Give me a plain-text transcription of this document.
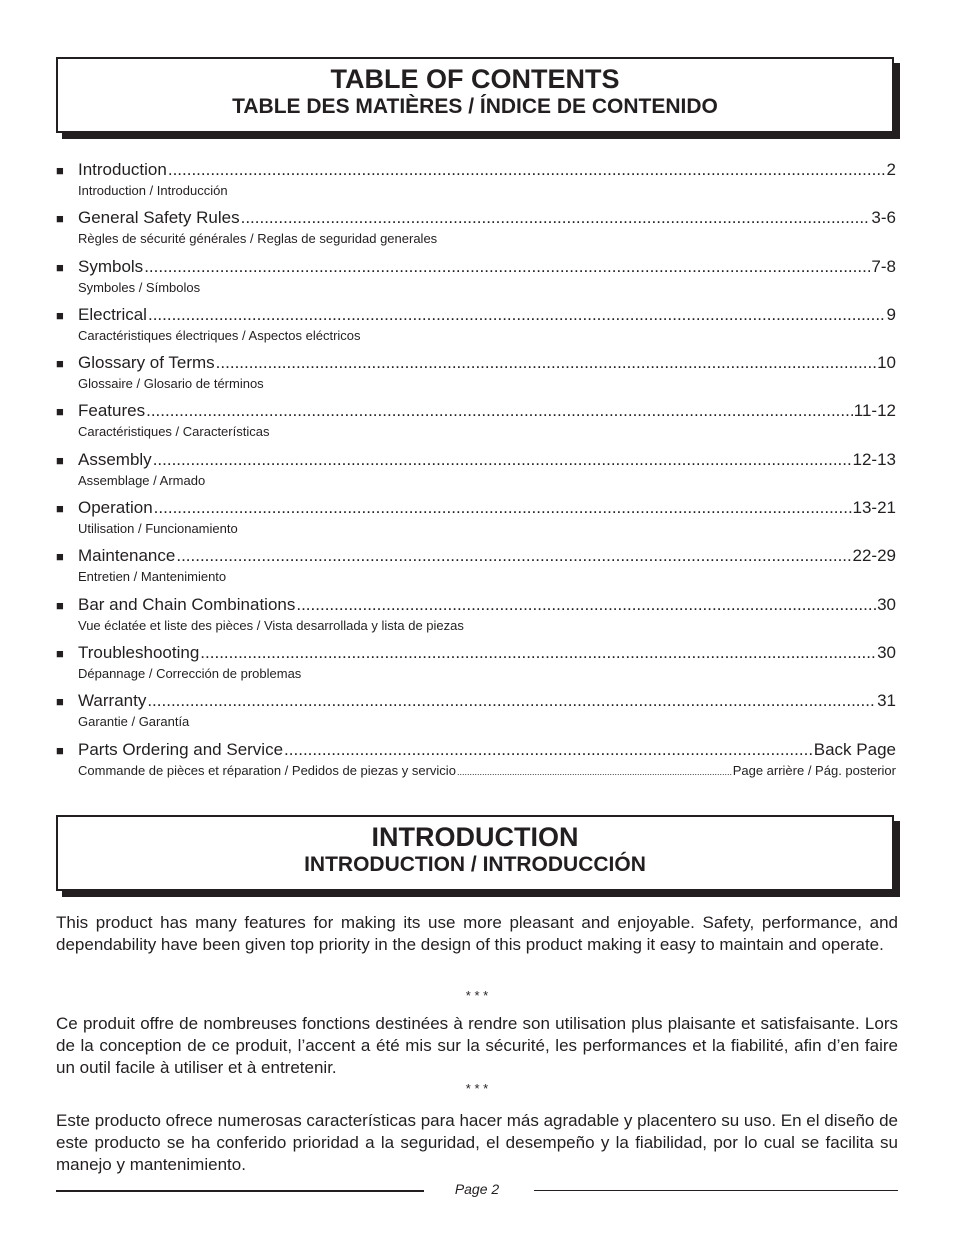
TABLE OF CONTENTS
TABLE DES MATIÈRES / ÍNDICE DE CONTENIDO
■ Introduction .....	2
Introduction / Introducción
■ General Safety Rules .....	3-6
Règles de sécurité générales / Reglas de seguridad generales
■ Symbols .....	7-8
Symboles / Símbolos
■ Electrical .....	9
Caractéristiques électriques / Aspectos eléctricos
■ Glossary of Terms .....	10
Glossaire / Glosario de términos
■ Features .....	11-12
Caractéristiques / Características
■ Assembly .....	12-13
Assemblage / Armado
■ Operation .....	13-21
Utilisation / Funcionamiento
■ Maintenance .....	22-29
Entretien / Mantenimiento
■ Bar and Chain Combinations .....	30
Vue éclatée et liste des pièces / Vista desarrollada y lista de piezas
■ Troubleshooting .....	30
Dépannage / Corrección de problemas
■ Warranty .....	31
Garantie / Garantía
■ Parts Ordering and Service .....	Back Page
Commande de pièces et réparation / Pedidos de piezas y servicio .....	Page arrière / Pág. posterior
INTRODUCTION
INTRODUCTION / INTRODUCCIÓN
This product has many features for making its use more pleasant and enjoyable. Safety, performance, and dependability have been given top priority in the design of this product making it easy to maintain and operate.
* * *
Ce produit offre de nombreuses fonctions destinées à rendre son utilisation plus plaisante et satisfaisante. Lors de la conception de ce produit, l’accent a été mis sur la sécurité, les performances et la fiabilité, afin d’en faire un outil facile à utiliser et à entretenir.
* * *
Este producto ofrece numerosas características para hacer más agradable y placentero su uso. En el diseño de este producto se ha conferido prioridad a la seguridad, el desempeño y la fiabilidad, por lo cual se facilita su manejo y mantenimiento.
Page 2
